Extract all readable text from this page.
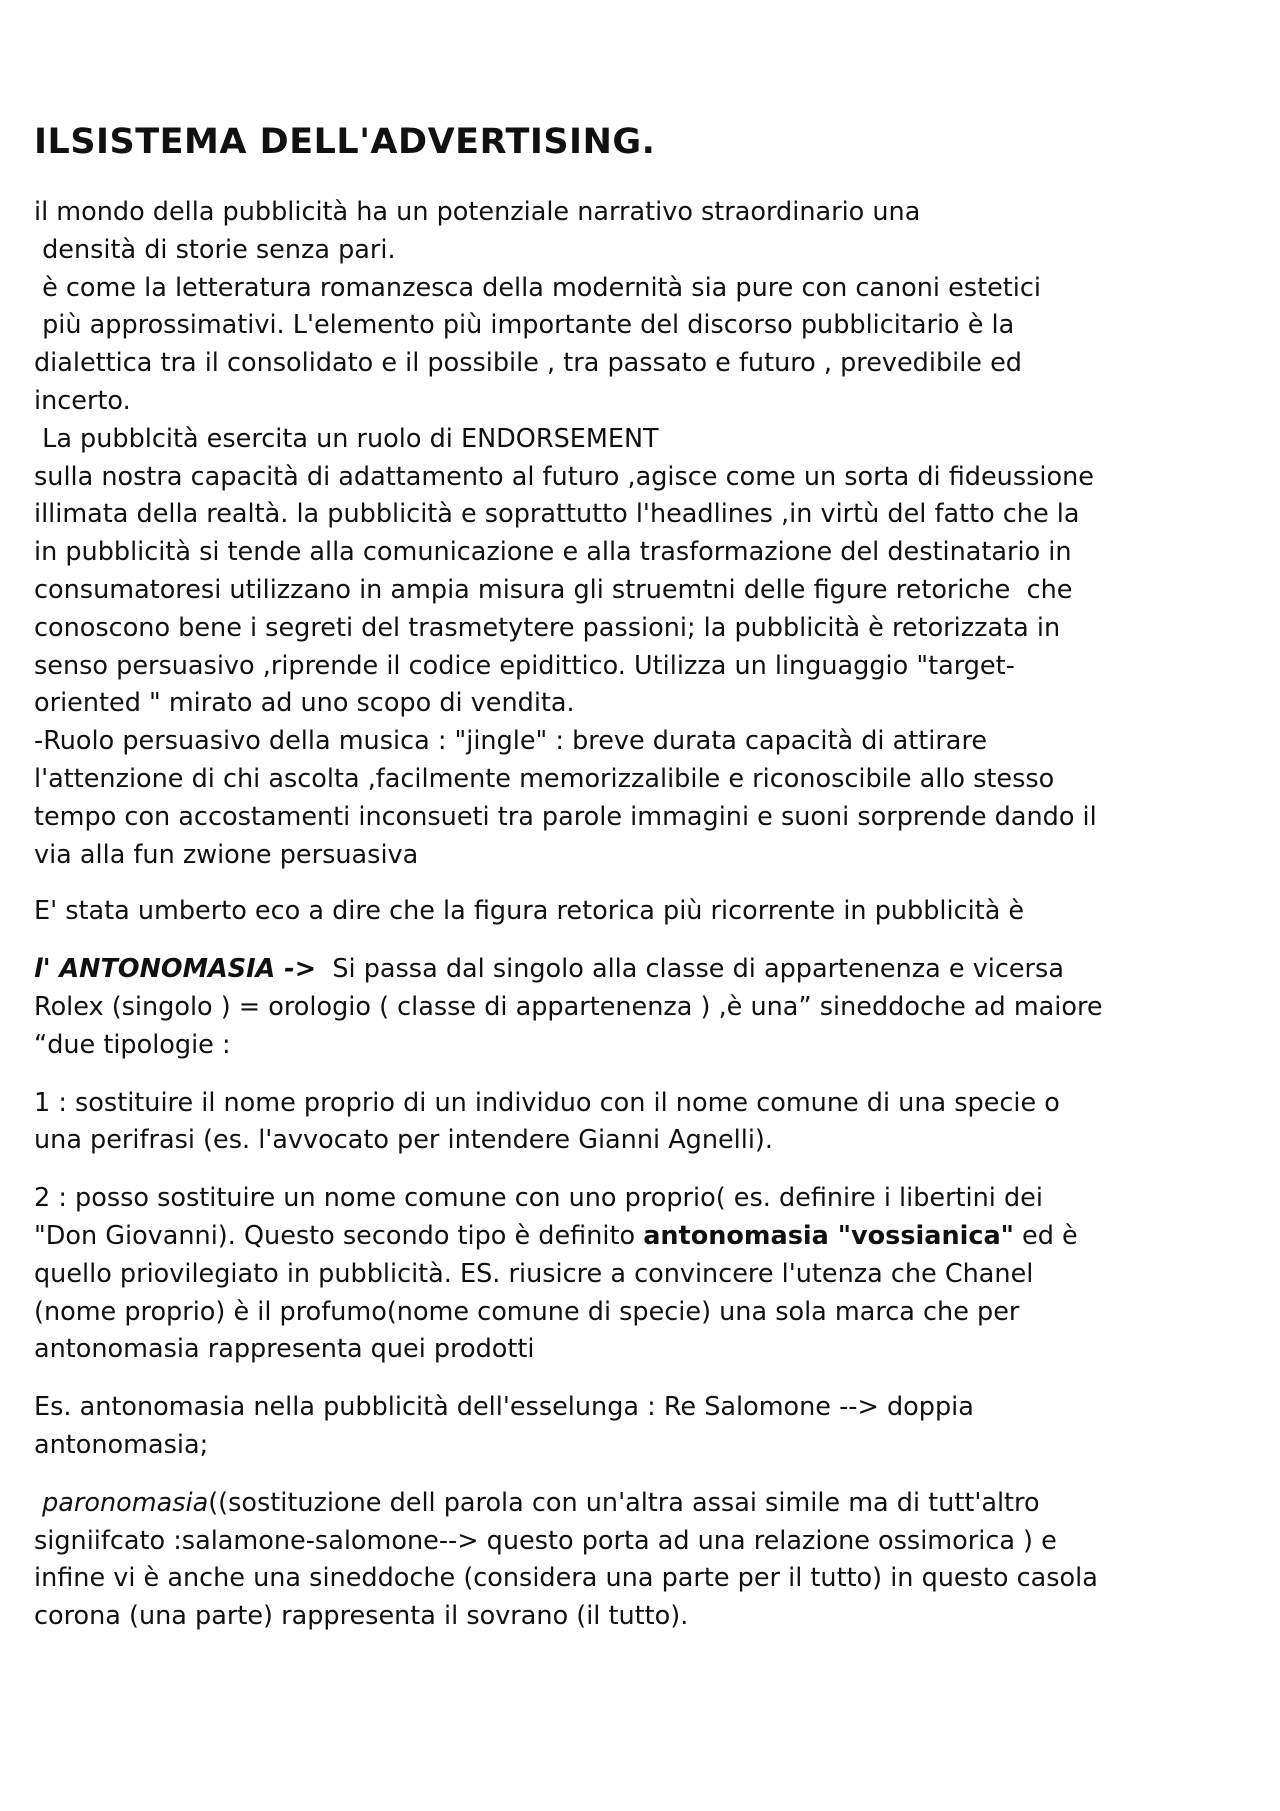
ILSISTEMA DELL'ADVERTISING.

il mondo della pubblicità ha un potenziale narrativo straordinario una

densità di storie senza pari.

è come la letteratura romanzesca della modernità sia pure con canoni estetici

più approssimativi. L'elemento più importante del discorso pubblicitario è la

dialettica tra il consolidato e il possibile , tra passato e futuro , prevedibile ed

incerto.

La pubblcità esercita un ruolo di ENDORSEMENT

sulla nostra capacità di adattamento al futuro ,agisce come un sorta di fideussione

illimata della realtà. la pubblicità e soprattutto l'headlines ,in virtù del fatto che la

in pubblicità si tende alla comunicazione e alla trasformazione del destinatario in

consumatoresi utilizzano in ampia misura gli struemtni delle figure retoriche  che

conoscono bene i segreti del trasmetytere passioni; la pubblicità è retorizzata in

senso persuasivo ,riprende il codice epidittico. Utilizza un linguaggio "target-

oriented " mirato ad uno scopo di vendita.

-Ruolo persuasivo della musica : "jingle" : breve durata capacità di attirare

l'attenzione di chi ascolta ,facilmente memorizzalibile e riconoscibile allo stesso

tempo con accostamenti inconsueti tra parole immagini e suoni sorprende dando il

via alla fun zwione persuasiva

E' stata umberto eco a dire che la figura retorica più ricorrente in pubblicità è

l' ANTONOMASIA ->  Si passa dal singolo alla classe di appartenenza e vicersa

Rolex (singolo ) = orologio ( classe di appartenenza ) ,è una” sineddoche ad maiore

“due tipologie :

1 : sostituire il nome proprio di un individuo con il nome comune di una specie o

una perifrasi (es. l'avvocato per intendere Gianni Agnelli).

2 : posso sostituire un nome comune con uno proprio( es. definire i libertini dei

"Don Giovanni). Questo secondo tipo è definito antonomasia "vossianica" ed è

quello priovilegiato in pubblicità. ES. riusicre a convincere l'utenza che Chanel

(nome proprio) è il profumo(nome comune di specie) una sola marca che per

antonomasia rappresenta quei prodotti

Es. antonomasia nella pubblicità dell'esselunga : Re Salomone --> doppia

antonomasia;

paronomasia((sostituzione dell parola con un'altra assai simile ma di tutt'altro

signiifcato :salamone-salomone--> questo porta ad una relazione ossimorica ) e

infine vi è anche una sineddoche (considera una parte per il tutto) in questo casola

corona (una parte) rappresenta il sovrano (il tutto).
